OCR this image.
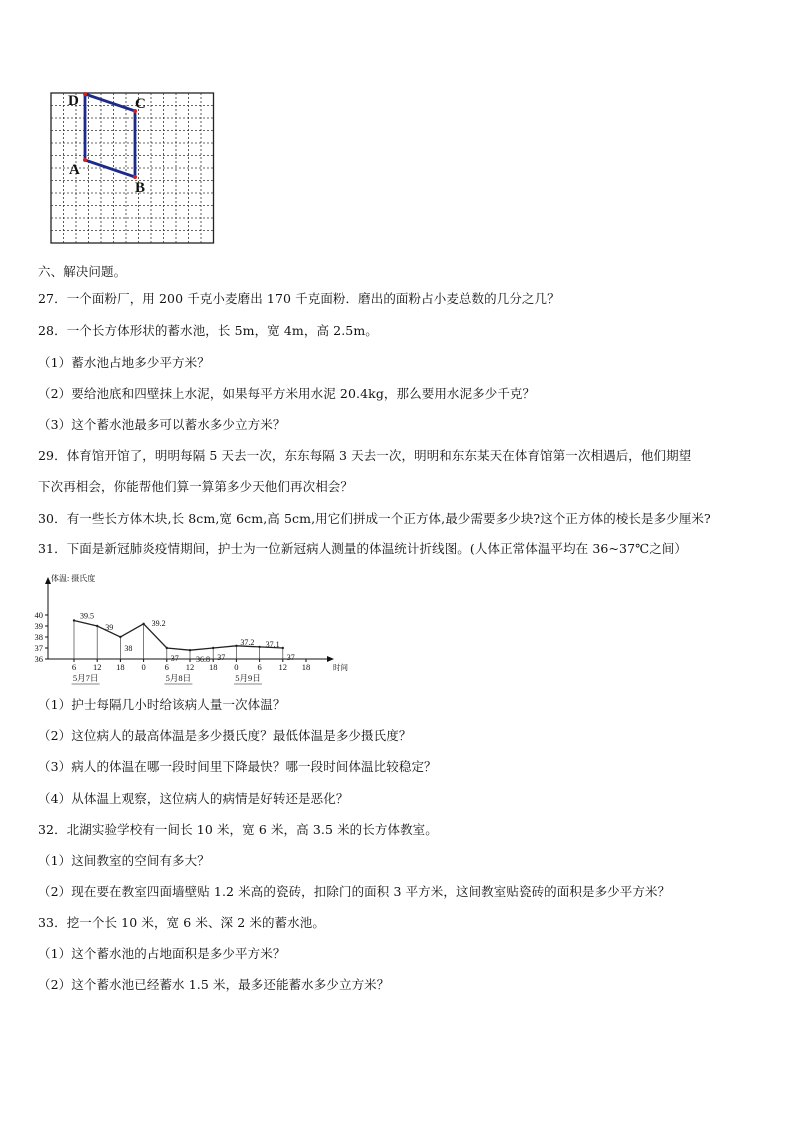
D	C
A
B
六、解决问题。
27．一个面粉厂，用 200 千克小麦磨出 170 千克面粉．磨出的面粉占小麦总数的几分之几？
28．一个长方体形状的蓄水池，长 5m，宽 4m，高 2.5m。
（1）蓄水池占地多少平方米？
（2）要给池底和四壁抹上水泥，如果每平方米用水泥 20.4kg，那么要用水泥多少千克？
（3）这个蓄水池最多可以蓄水多少立方米？
29．体育馆开馆了，明明每隔 5 天去一次，东东每隔 3 天去一次，明明和东东某天在体育馆第一次相遇后，他们期望
下次再相会，你能帮他们算一算第多少天他们再次相会？
30．有一些长方体木块,长 8cm,宽 6cm,高 5cm,用它们拼成一个正方体,最少需要多少块?这个正方体的棱长是多少厘米?
31．下面是新冠肺炎疫情期间，护士为一位新冠病人测量的体温统计折线图。(人体正常体温平均在 36~37℃之间）
体温: 摄氏度
36
37
38
39
40
6 12 18 0 6 12 18 0 6 12 18	时间
5月7日	5月8日	5月9日
39.5
39
38
39.2
37 36.8 37
37.2 37.1
37
（1）护士每隔几小时给该病人量一次体温？
（2）这位病人的最高体温是多少摄氏度？最低体温是多少摄氏度？
（3）病人的体温在哪一段时间里下降最快？哪一段时间体温比较稳定？
（4）从体温上观察，这位病人的病情是好转还是恶化？
32．北湖实验学校有一间长 10 米，宽 6 米，高 3.5 米的长方体教室。
（1）这间教室的空间有多大？
（2）现在要在教室四面墙壁贴 1.2 米高的瓷砖，扣除门的面积 3 平方米，这间教室贴瓷砖的面积是多少平方米？
33．挖一个长 10 米，宽 6 米、深 2 米的蓄水池。
（1）这个蓄水池的占地面积是多少平方米？
（2）这个蓄水池已经蓄水 1.5 米，最多还能蓄水多少立方米？
